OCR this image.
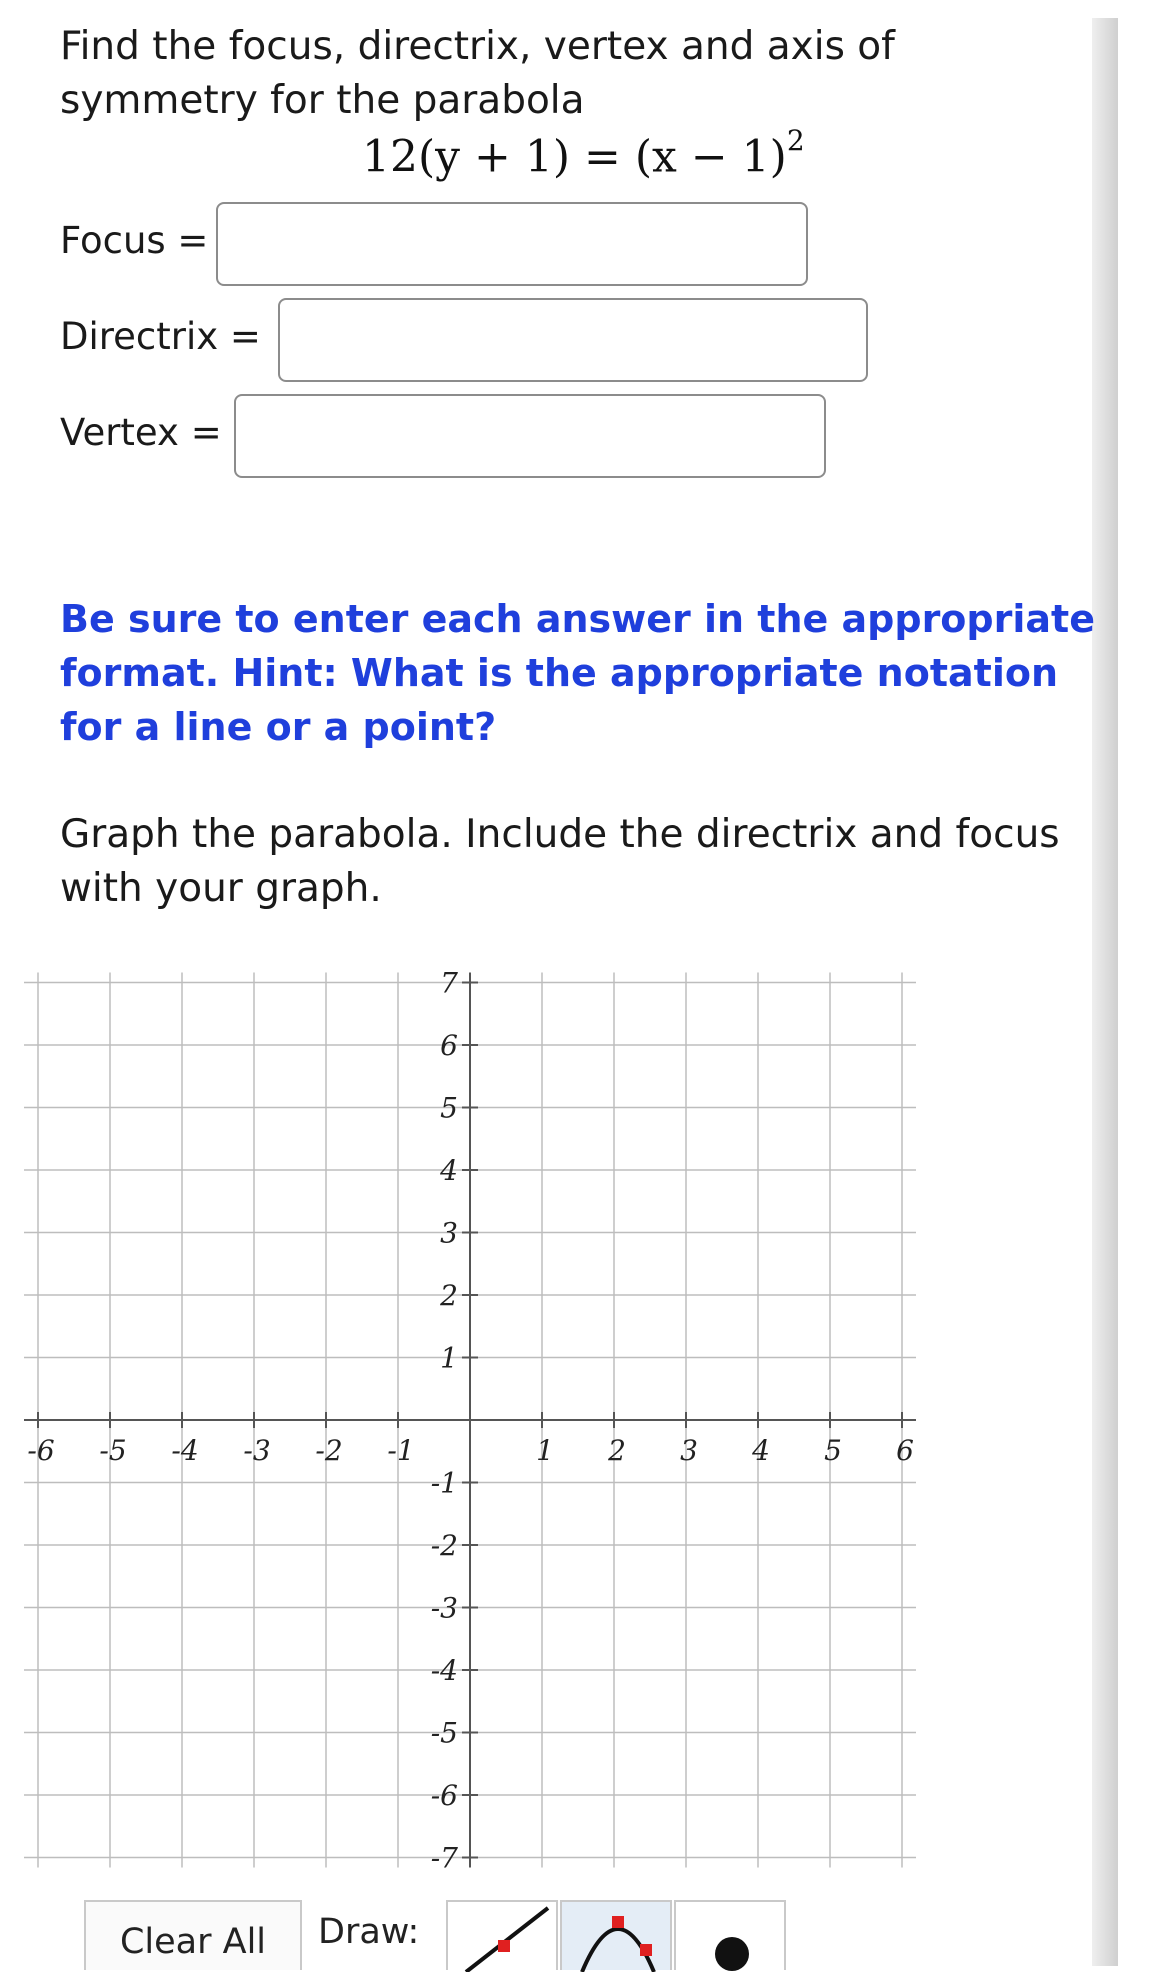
Find the focus, directrix, vertex and axis of symmetry for the parabola

$12(y + 1) = (x - 1)^2$
Focus =
Directrix =
Vertex =

Be sure to enter each answer in the appropriate format. Hint: What is the appropriate notation for a line or a point?

Graph the parabola. Include the directrix and focus with your graph.

-6 -5 -4 -3 -2 -1	1 2 3 4 5 6
7
6
5
4
3
2
1
-1
-2
-3
-4
-5
-6
-7
Clear All	Draw:
